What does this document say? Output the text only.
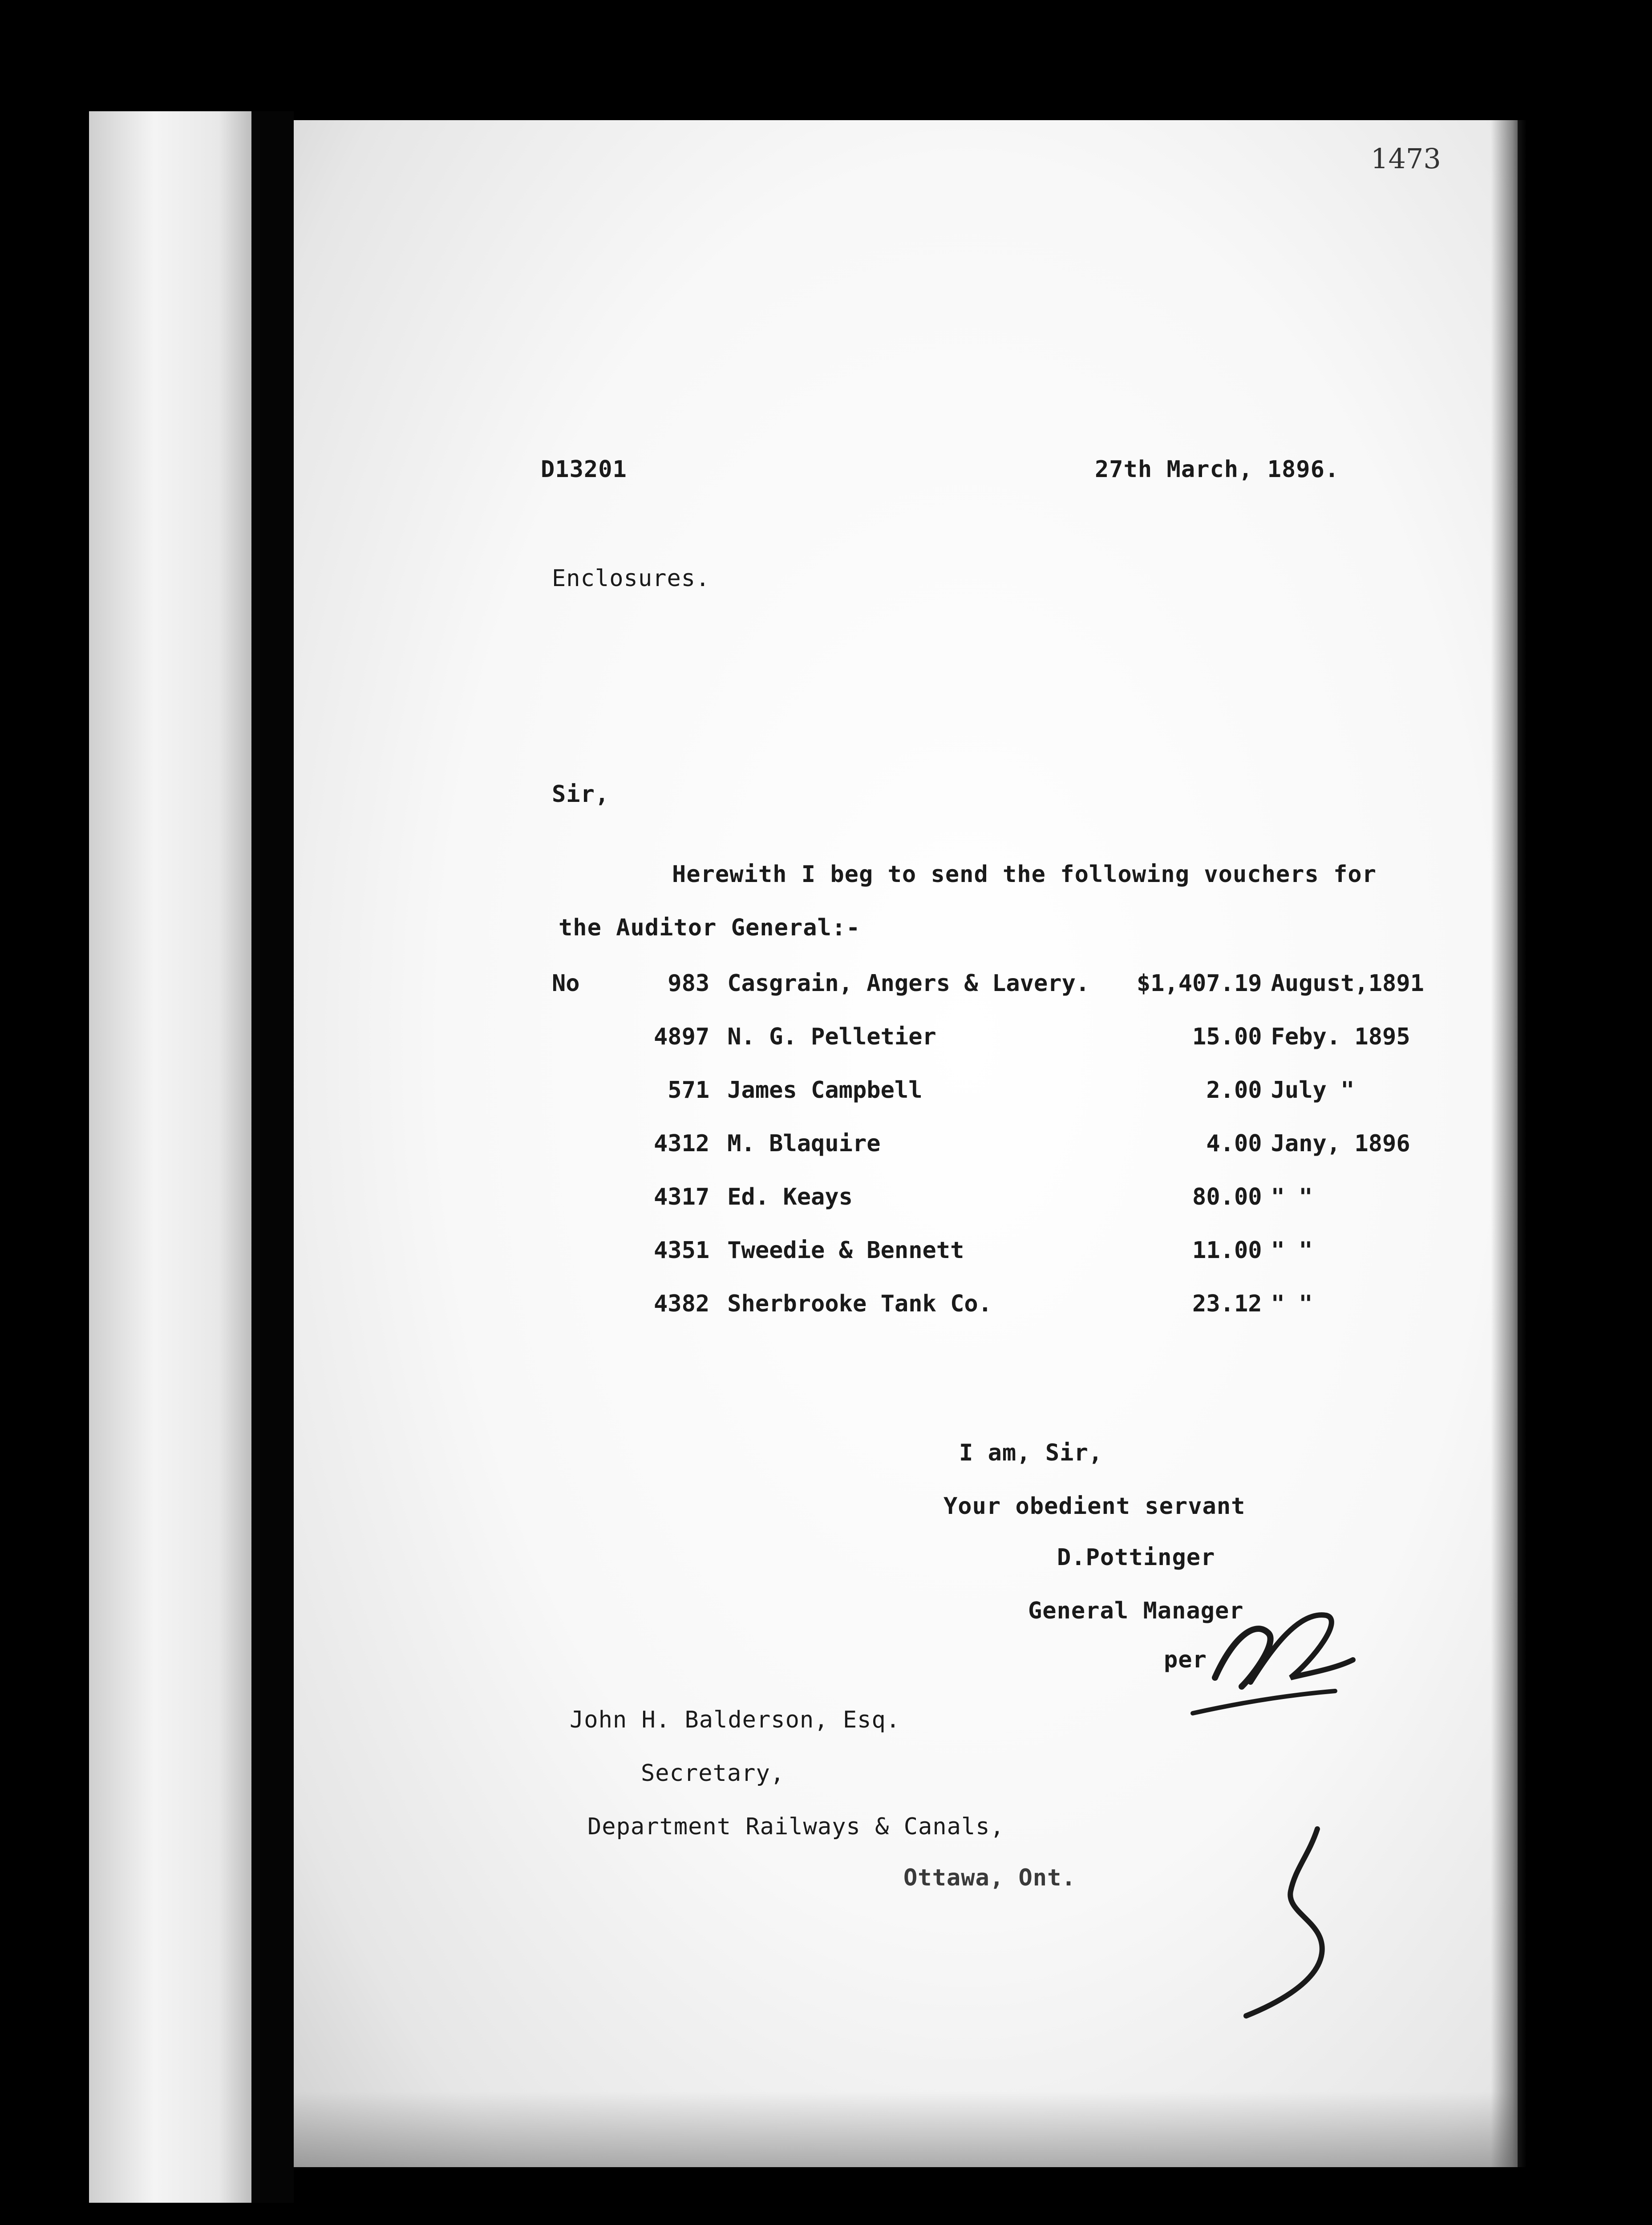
1473
D13201	27th March, 1896.
Enclosures.
Sir,
Herewith I beg to send the following vouchers for
the Auditor General:-
No	983	Casgrain, Angers & Lavery.	$1,407.19	August,1891
	4897	N. G. Pelletier	15.00	Feby. 1895
	571	James Campbell	2.00	July "
	4312	M. Blaquire	4.00	Jany, 1896
	4317	Ed. Keays	80.00	" "
	4351	Tweedie & Bennett	11.00	" "
	4382	Sherbrooke Tank Co.	23.12	" "
I am, Sir,
Your obedient servant
D.Pottinger
General Manager
per
John H. Balderson, Esq.
Secretary,
Department Railways & Canals,
Ottawa, Ont.
